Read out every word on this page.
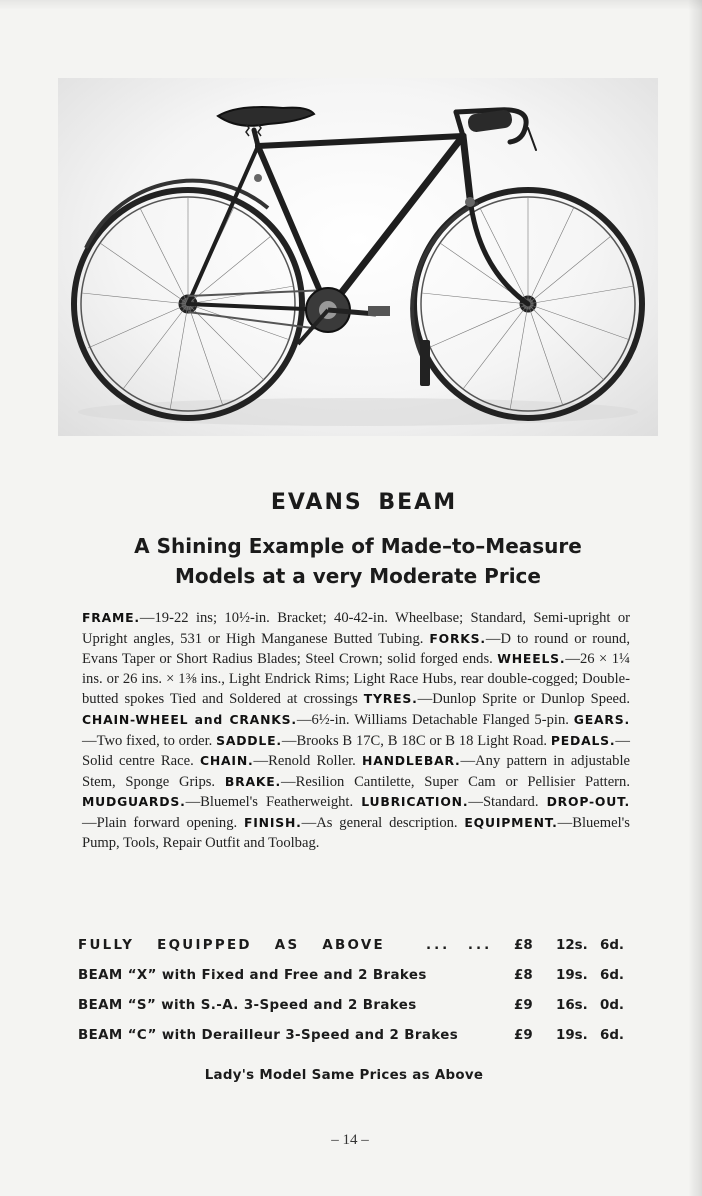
EVANS BEAM
A Shining Example of Made–to–Measure
Models at a very Moderate Price
FRAME.—19-22 ins; 10½-in. Bracket; 40-42-in. Wheelbase; Standard, Semi-upright or Upright angles, 531 or High Manganese Butted Tubing. FORKS.—D to round or round, Evans Taper or Short Radius Blades; Steel Crown; solid forged ends. WHEELS.—26 × 1¼ ins. or 26 ins. × 1⅜ ins., Light Endrick Rims; Light Race Hubs, rear double-cogged; Double-butted spokes Tied and Soldered at crossings TYRES.—Dunlop Sprite or Dunlop Speed. CHAIN-WHEEL and CRANKS.—6½-in. Williams Detachable Flanged 5-pin. GEARS.—Two fixed, to order. SADDLE.—Brooks B 17C, B 18C or B 18 Light Road. PEDALS.—Solid centre Race. CHAIN.—Renold Roller. HANDLEBAR.—Any pattern in adjustable Stem, Sponge Grips. BRAKE.—Resilion Cantilette, Super Cam or Pellisier Pattern. MUDGUARDS.—Bluemel's Featherweight. LUBRICATION.—Standard. DROP-OUT.—Plain forward opening. FINISH.—As general description. EQUIPMENT.—Bluemel's Pump, Tools, Repair Outfit and Toolbag.
FULLY EQUIPPED AS ABOVE	... ... £8 12s. 6d.
BEAM “X” with Fixed and Free and 2 Brakes	£8 19s. 6d.
BEAM “S” with S.-A. 3-Speed and 2 Brakes	£9 16s. 0d.
BEAM “C” with Derailleur 3-Speed and 2 Brakes	£9 19s. 6d.
Lady's Model Same Prices as Above
– 14 –
